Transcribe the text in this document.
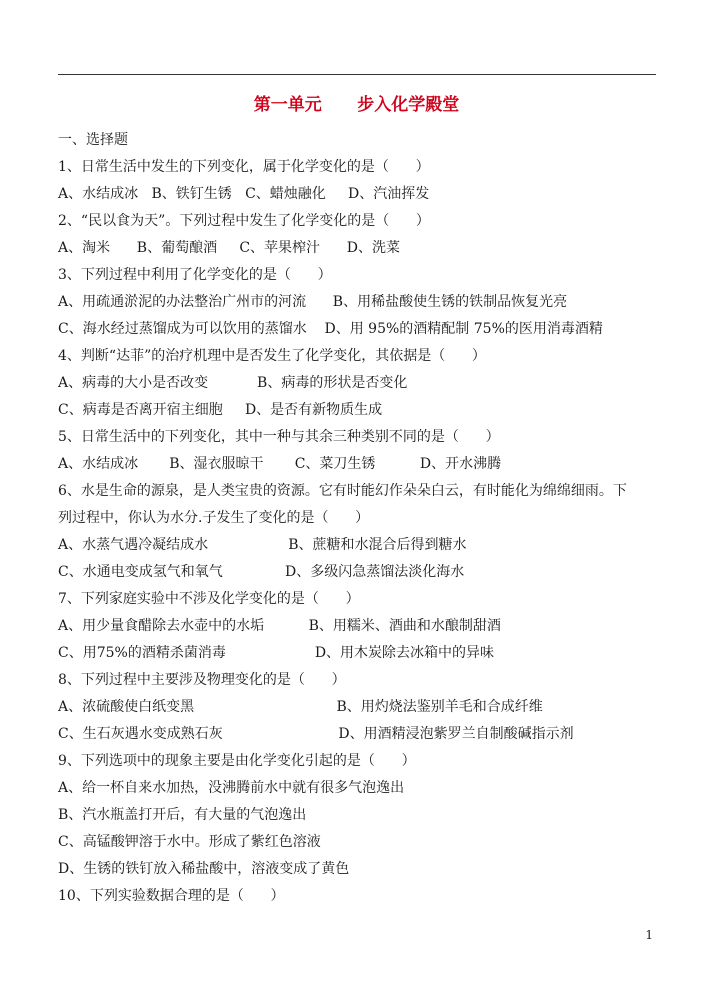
第一单元      步入化学殿堂
一、选择题
1、日常生活中发生的下列变化，属于化学变化的是（      ）
A、水结成冰   B、铁钉生锈   C、蜡烛融化     D、汽油挥发
2、“民以食为天”。下列过程中发生了化学变化的是（      ）
A、淘米      B、葡萄酿酒     C、苹果榨汁      D、洗菜
3、下列过程中利用了化学变化的是（      ）
A、用疏通淤泥的办法整治广州市的河流      B、用稀盐酸使生锈的铁制品恢复光亮
C、海水经过蒸馏成为可以饮用的蒸馏水    D、用 95%的酒精配制 75%的医用消毒酒精
4、判断“达菲”的治疗机理中是否发生了化学变化，其依据是（      ）
A、病毒的大小是否改变           B、病毒的形状是否变化
C、病毒是否离开宿主细胞     D、是否有新物质生成
5、日常生活中的下列变化，其中一种与其余三种类别不同的是（      ）
A、水结成冰       B、湿衣服晾干       C、菜刀生锈          D、开水沸腾
6、水是生命的源泉，是人类宝贵的资源。它有时能幻作朵朵白云，有时能化为绵绵细雨。下
列过程中，你认为水分.子发生了变化的是（      ）
A、水蒸气遇冷凝结成水                  B、蔗糖和水混合后得到糖水
C、水通电变成氢气和氧气              D、多级闪急蒸馏法淡化海水
7、下列家庭实验中不涉及化学变化的是（      ）
A、用少量食醋除去水壶中的水垢          B、用糯米、酒曲和水酿制甜酒
C、用75%的酒精杀菌消毒                    D、用木炭除去冰箱中的异味
8、下列过程中主要涉及物理变化的是（      ）
A、浓硫酸使白纸变黑                                B、用灼烧法鉴别羊毛和合成纤维
C、生石灰遇水变成熟石灰                          D、用酒精浸泡紫罗兰自制酸碱指示剂
9、下列选项中的现象主要是由化学变化引起的是（      ）
A、给一杯自来水加热，没沸腾前水中就有很多气泡逸出
B、汽水瓶盖打开后，有大量的气泡逸出
C、高锰酸钾溶于水中。形成了紫红色溶液
D、生锈的铁钉放入稀盐酸中，溶液变成了黄色
10、下列实验数据合理的是（      ）
1
